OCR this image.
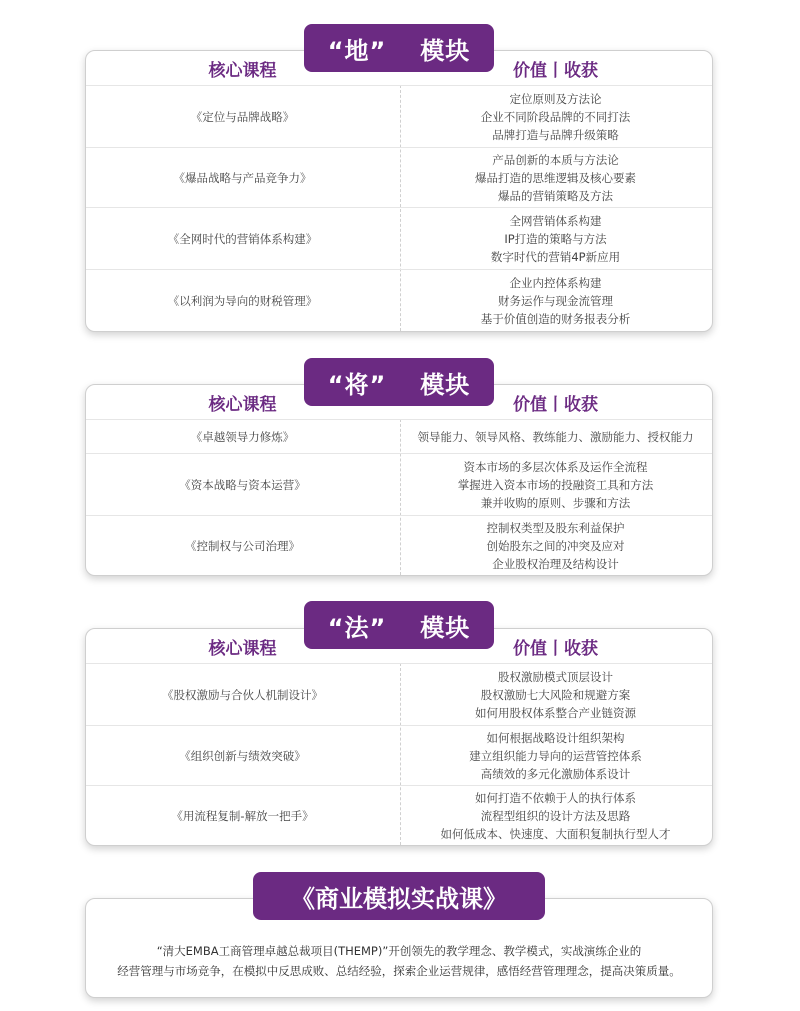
“地” 模块
核心课程	价值丨收获
《定位与品牌战略》
定位原则及方法论
企业不同阶段品牌的不同打法
品牌打造与品牌升级策略
《爆品战略与产品竞争力》
产品创新的本质与方法论
爆品打造的思维逻辑及核心要素
爆品的营销策略及方法
《全网时代的营销体系构建》
全网营销体系构建
IP打造的策略与方法
数字时代的营销4P新应用
《以利润为导向的财税管理》
企业内控体系构建
财务运作与现金流管理
基于价值创造的财务报表分析
“将” 模块
核心课程	价值丨收获
《卓越领导力修炼》	领导能力、领导风格、教练能力、激励能力、授权能力
《资本战略与资本运营》
资本市场的多层次体系及运作全流程
掌握进入资本市场的投融资工具和方法
兼并收购的原则、步骤和方法
《控制权与公司治理》
控制权类型及股东利益保护
创始股东之间的冲突及应对
企业股权治理及结构设计
“法” 模块
核心课程	价值丨收获
《股权激励与合伙人机制设计》
股权激励模式顶层设计
股权激励七大风险和规避方案
如何用股权体系整合产业链资源
《组织创新与绩效突破》
如何根据战略设计组织架构
建立组织能力导向的运营管控体系
高绩效的多元化激励体系设计
《用流程复制-解放一把手》
如何打造不依赖于人的执行体系
流程型组织的设计方法及思路
如何低成本、快速度、大面积复制执行型人才
《商业模拟实战课》
“清大EMBA工商管理卓越总裁项目(THEMP)”开创领先的教学理念、教学模式，实战演练企业的
经营管理与市场竞争，在模拟中反思成败、总结经验，探索企业运营规律，感悟经营管理理念，提高决策质量。
